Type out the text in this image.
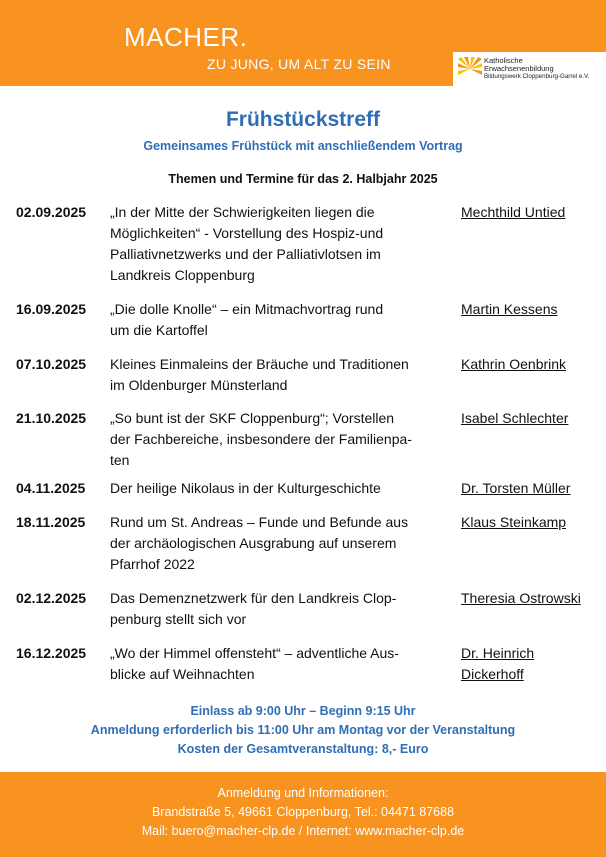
MACHER.
ZU JUNG, UM ALT ZU SEIN	Katholische
Erwachsenenbildung
Bildungswerk Cloppenburg-Garrel e.V.
Frühstückstreff
Gemeinsames Frühstück mit anschließendem Vortrag
Themen und Termine für das 2. Halbjahr 2025
02.09.2025 „In der Mitte der Schwierigkeiten liegen die
Möglichkeiten“ - Vorstellung des Hospiz-und
Palliativnetzwerks und der Palliativlotsen im
Landkreis Cloppenburg
Mechthild Untied
16.09.2025 „Die dolle Knolle“ – ein Mitmachvortrag rund
um die Kartoffel
Martin Kessens
07.10.2025 Kleines Einmaleins der Bräuche und Traditionen
im Oldenburger Münsterland
Kathrin Oenbrink
21.10.2025 „So bunt ist der SKF Cloppenburg“; Vorstellen
der Fachbereiche, insbesondere der Familienpa-
ten
Isabel Schlechter
04.11.2025 Der heilige Nikolaus in der Kulturgeschichte	Dr. Torsten Müller
18.11.2025 Rund um St. Andreas – Funde und Befunde aus
der archäologischen Ausgrabung auf unserem
Pfarrhof 2022
Klaus Steinkamp
02.12.2025 Das Demenznetzwerk für den Landkreis Clop-
penburg stellt sich vor
Theresia Ostrowski
16.12.2025 „Wo der Himmel offensteht“ – adventliche Aus-
blicke auf Weihnachten
Dr. Heinrich
Dickerhoff
Einlass ab 9:00 Uhr – Beginn 9:15 Uhr
Anmeldung erforderlich bis 11:00 Uhr am Montag vor der Veranstaltung
Kosten der Gesamtveranstaltung: 8,- Euro
Anmeldung und Informationen:
Brandstraße 5, 49661 Cloppenburg, Tel.: 04471 87688
Mail: buero@macher-clp.de / Internet: www.macher-clp.de
